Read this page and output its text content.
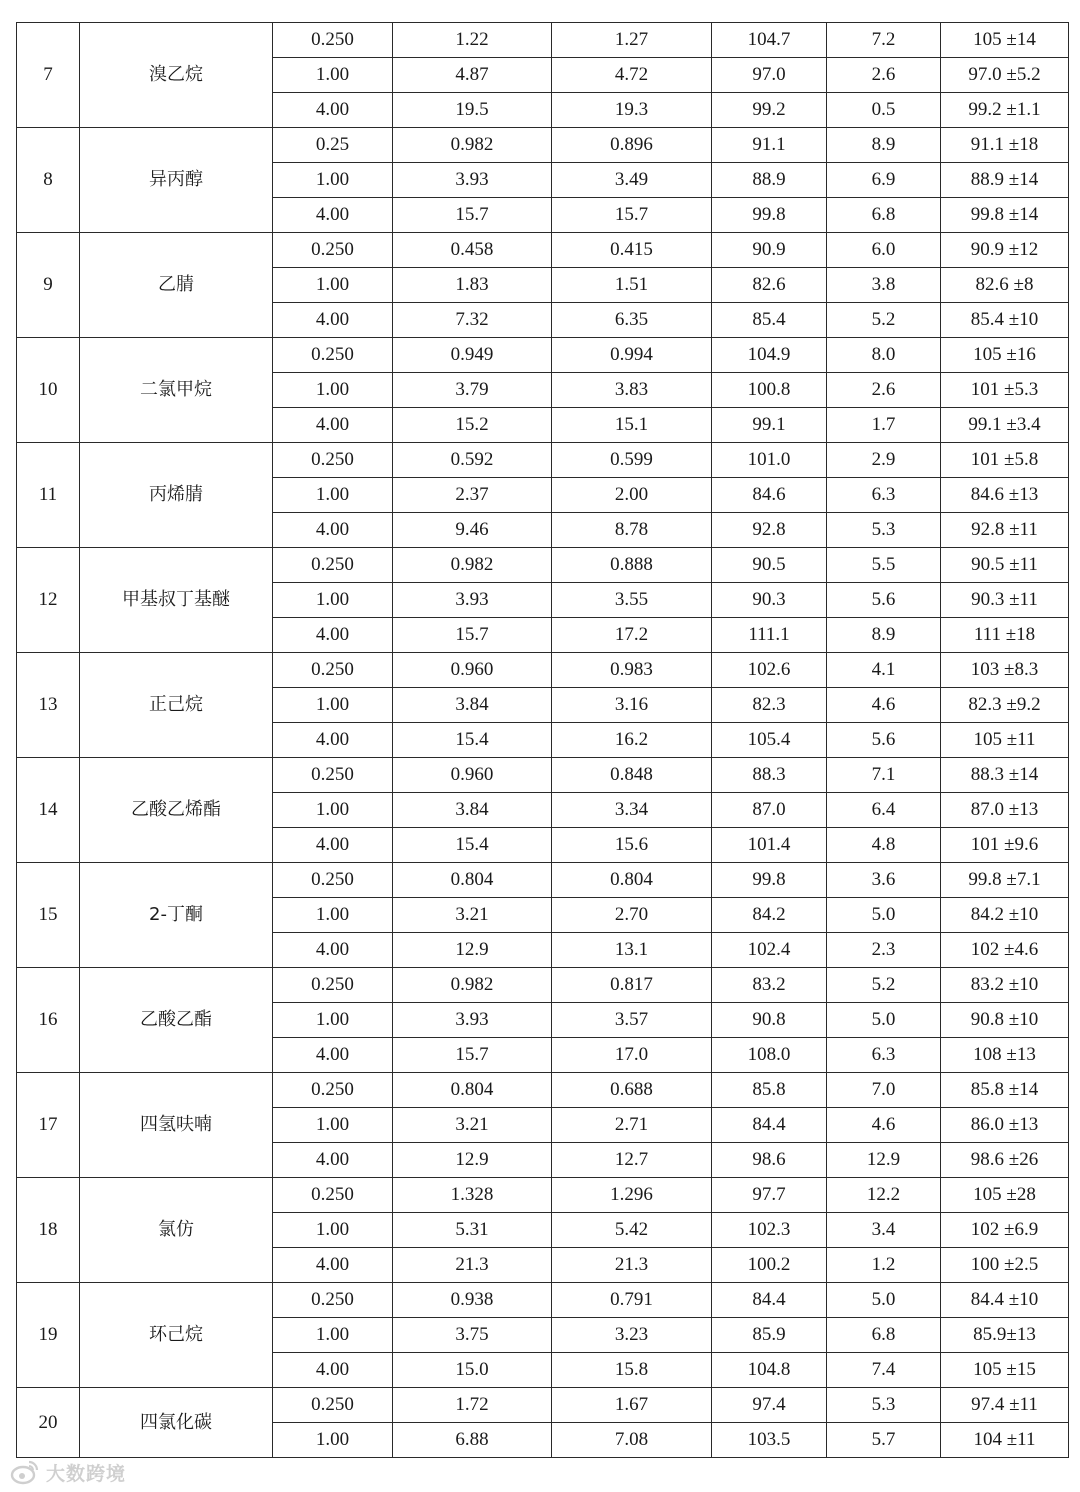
7	溴乙烷	0.250	1.22	1.27	104.7	7.2	105 ±14
		1.00	4.87	4.72	97.0	2.6	97.0 ±5.2
		4.00	19.5	19.3	99.2	0.5	99.2 ±1.1
8	异丙醇	0.25	0.982	0.896	91.1	8.9	91.1 ±18
		1.00	3.93	3.49	88.9	6.9	88.9 ±14
		4.00	15.7	15.7	99.8	6.8	99.8 ±14
9	乙腈	0.250	0.458	0.415	90.9	6.0	90.9 ±12
		1.00	1.83	1.51	82.6	3.8	82.6 ±8
		4.00	7.32	6.35	85.4	5.2	85.4 ±10
10	二氯甲烷	0.250	0.949	0.994	104.9	8.0	105 ±16
		1.00	3.79	3.83	100.8	2.6	101 ±5.3
		4.00	15.2	15.1	99.1	1.7	99.1 ±3.4
11	丙烯腈	0.250	0.592	0.599	101.0	2.9	101 ±5.8
		1.00	2.37	2.00	84.6	6.3	84.6 ±13
		4.00	9.46	8.78	92.8	5.3	92.8 ±11
12	甲基叔丁基醚	0.250	0.982	0.888	90.5	5.5	90.5 ±11
		1.00	3.93	3.55	90.3	5.6	90.3 ±11
		4.00	15.7	17.2	111.1	8.9	111 ±18
13	正己烷	0.250	0.960	0.983	102.6	4.1	103 ±8.3
		1.00	3.84	3.16	82.3	4.6	82.3 ±9.2
		4.00	15.4	16.2	105.4	5.6	105 ±11
14	乙酸乙烯酯	0.250	0.960	0.848	88.3	7.1	88.3 ±14
		1.00	3.84	3.34	87.0	6.4	87.0 ±13
		4.00	15.4	15.6	101.4	4.8	101 ±9.6
15	2-丁酮	0.250	0.804	0.804	99.8	3.6	99.8 ±7.1
		1.00	3.21	2.70	84.2	5.0	84.2 ±10
		4.00	12.9	13.1	102.4	2.3	102 ±4.6
16	乙酸乙酯	0.250	0.982	0.817	83.2	5.2	83.2 ±10
		1.00	3.93	3.57	90.8	5.0	90.8 ±10
		4.00	15.7	17.0	108.0	6.3	108 ±13
17	四氢呋喃	0.250	0.804	0.688	85.8	7.0	85.8 ±14
		1.00	3.21	2.71	84.4	4.6	86.0 ±13
		4.00	12.9	12.7	98.6	12.9	98.6 ±26
18	氯仿	0.250	1.328	1.296	97.7	12.2	105 ±28
		1.00	5.31	5.42	102.3	3.4	102 ±6.9
		4.00	21.3	21.3	100.2	1.2	100 ±2.5
19	环己烷	0.250	0.938	0.791	84.4	5.0	84.4 ±10
		1.00	3.75	3.23	85.9	6.8	85.9±13
		4.00	15.0	15.8	104.8	7.4	105 ±15
20	四氯化碳	0.250	1.72	1.67	97.4	5.3	97.4 ±11
		1.00	6.88	7.08	103.5	5.7	104 ±11
大数跨境
